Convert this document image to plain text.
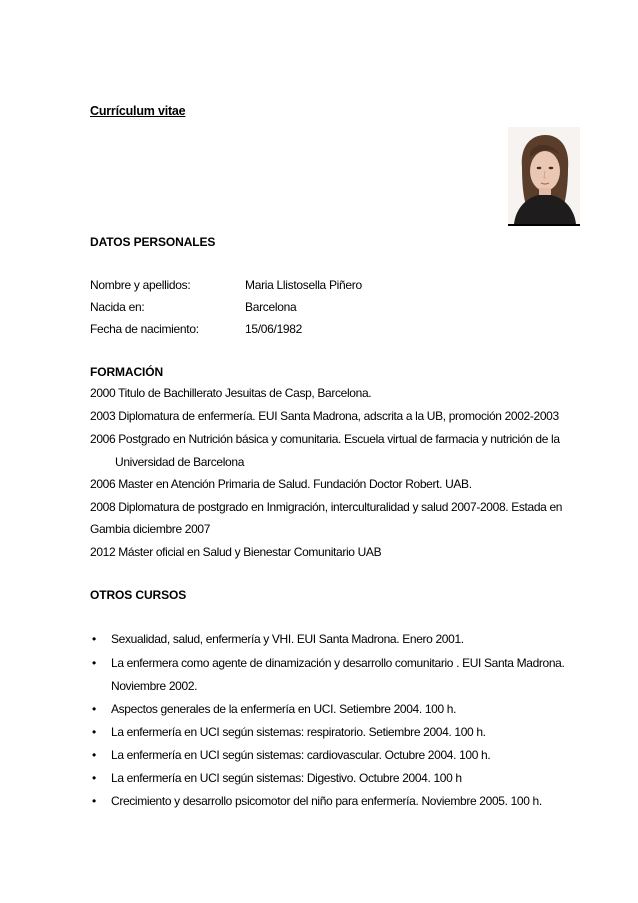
Currículum vitae
DATOS PERSONALES
Nombre y apellidos:	Maria Llistosella Piñero
Nacida en:	Barcelona
Fecha de nacimiento:	15/06/1982
FORMACIÓN
2000 Titulo de Bachillerato Jesuitas de Casp, Barcelona.
2003 Diplomatura de enfermería. EUI Santa Madrona, adscrita a la UB, promoción 2002-2003
2006 Postgrado en Nutrición básica y comunitaria. Escuela virtual de farmacia y nutrición de la
Universidad de Barcelona
2006 Master en Atención Primaria de Salud. Fundación Doctor Robert. UAB.
2008 Diplomatura de postgrado en Inmigración, interculturalidad y salud 2007-2008. Estada en
Gambia diciembre 2007
2012 Máster oficial en Salud y Bienestar Comunitario UAB
OTROS CURSOS
• Sexualidad, salud, enfermería y VHI. EUI Santa Madrona. Enero 2001.
• La enfermera como agente de dinamización y desarrollo comunitario . EUI Santa Madrona.
Noviembre 2002.
• Aspectos generales de la enfermería en UCI. Setiembre 2004. 100 h.
• La enfermería en UCI según sistemas: respiratorio. Setiembre 2004. 100 h.
• La enfermería en UCI según sistemas: cardiovascular. Octubre 2004. 100 h.
• La enfermería en UCI según sistemas: Digestivo. Octubre 2004. 100 h
• Crecimiento y desarrollo psicomotor del niño para enfermería. Noviembre 2005. 100 h.
